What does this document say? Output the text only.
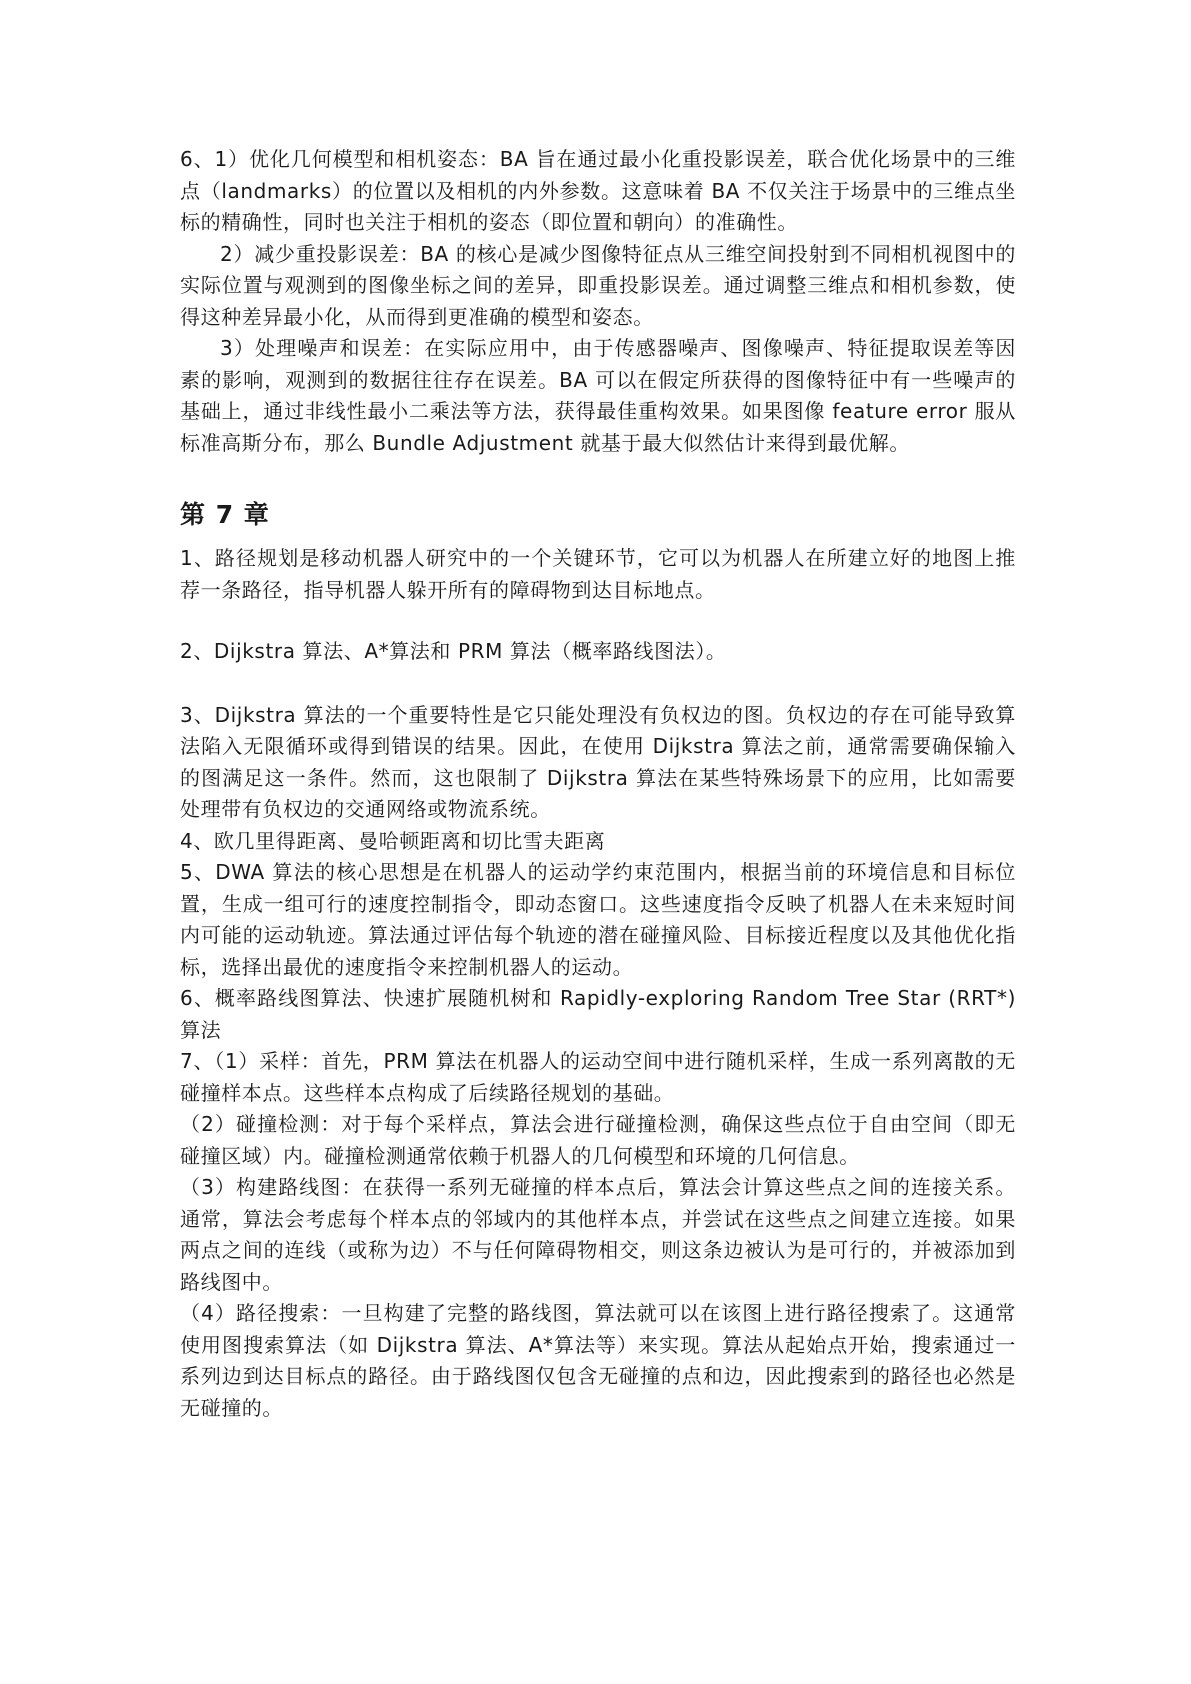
6、1）优化几何模型和相机姿态：BA 旨在通过最小化重投影误差，联合优化场景中的三维点（landmarks）的位置以及相机的内外参数。这意味着 BA 不仅关注于场景中的三维点坐标的精确性，同时也关注于相机的姿态（即位置和朝向）的准确性。

2）减少重投影误差：BA 的核心是减少图像特征点从三维空间投射到不同相机视图中的实际位置与观测到的图像坐标之间的差异，即重投影误差。通过调整三维点和相机参数，使得这种差异最小化，从而得到更准确的模型和姿态。

3）处理噪声和误差：在实际应用中，由于传感器噪声、图像噪声、特征提取误差等因素的影响，观测到的数据往往存在误差。BA 可以在假定所获得的图像特征中有一些噪声的基础上，通过非线性最小二乘法等方法，获得最佳重构效果。如果图像 feature error 服从标准高斯分布，那么 Bundle Adjustment 就基于最大似然估计来得到最优解。

第 7 章

1、路径规划是移动机器人研究中的一个关键环节，它可以为机器人在所建立好的地图上推荐一条路径，指导机器人躲开所有的障碍物到达目标地点。

2、Dijkstra 算法、A*算法和 PRM 算法（概率路线图法）。

3、Dijkstra 算法的一个重要特性是它只能处理没有负权边的图。负权边的存在可能导致算法陷入无限循环或得到错误的结果。因此，在使用 Dijkstra 算法之前，通常需要确保输入的图满足这一条件。然而，这也限制了 Dijkstra 算法在某些特殊场景下的应用，比如需要处理带有负权边的交通网络或物流系统。

4、欧几里得距离、曼哈顿距离和切比雪夫距离

5、DWA 算法的核心思想是在机器人的运动学约束范围内，根据当前的环境信息和目标位置，生成一组可行的速度控制指令，即动态窗口。这些速度指令反映了机器人在未来短时间内可能的运动轨迹。算法通过评估每个轨迹的潜在碰撞风险、目标接近程度以及其他优化指标，选择出最优的速度指令来控制机器人的运动。

6、概率路线图算法、快速扩展随机树和 Rapidly-exploring Random Tree Star (RRT*) 算法

7、（1）采样：首先，PRM 算法在机器人的运动空间中进行随机采样，生成一系列离散的无碰撞样本点。这些样本点构成了后续路径规划的基础。

（2）碰撞检测：对于每个采样点，算法会进行碰撞检测，确保这些点位于自由空间（即无碰撞区域）内。碰撞检测通常依赖于机器人的几何模型和环境的几何信息。

（3）构建路线图：在获得一系列无碰撞的样本点后，算法会计算这些点之间的连接关系。通常，算法会考虑每个样本点的邻域内的其他样本点，并尝试在这些点之间建立连接。如果两点之间的连线（或称为边）不与任何障碍物相交，则这条边被认为是可行的，并被添加到路线图中。

（4）路径搜索：一旦构建了完整的路线图，算法就可以在该图上进行路径搜索了。这通常使用图搜索算法（如 Dijkstra 算法、A*算法等）来实现。算法从起始点开始，搜索通过一系列边到达目标点的路径。由于路线图仅包含无碰撞的点和边，因此搜索到的路径也必然是无碰撞的。
